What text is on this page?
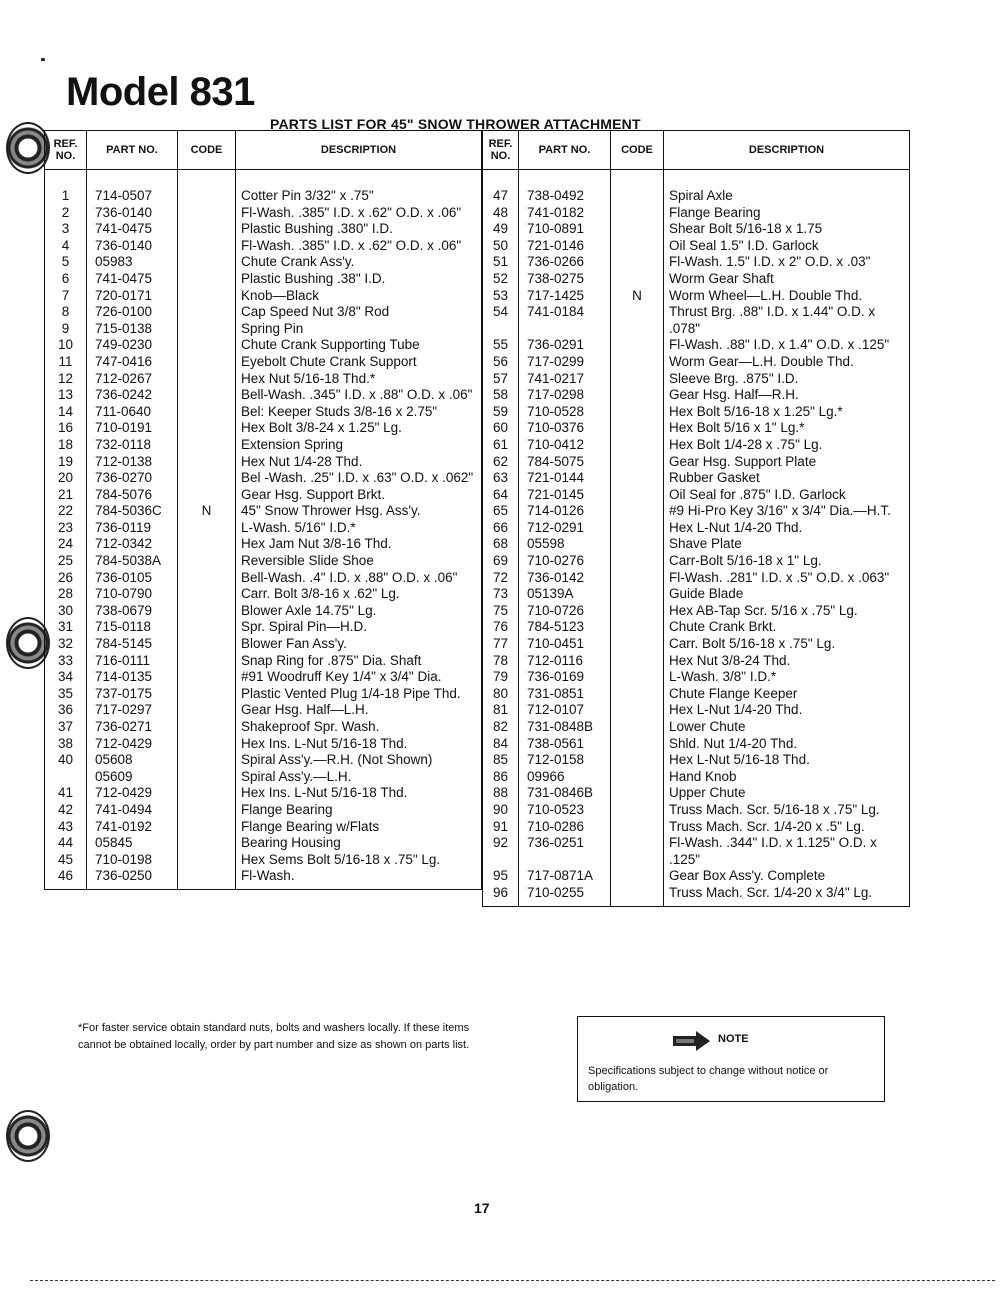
Model 831
PARTS LIST FOR 45" SNOW THROWER ATTACHMENT
REF. NO.	PART NO.	CODE	DESCRIPTION
1	714-0507		Cotter Pin 3/32" x .75"
2	736-0140		Fl-Wash. .385" I.D. x .62" O.D. x .06"
3	741-0475		Plastic Bushing .380" I.D.
4	736-0140		Fl-Wash. .385" I.D. x .62" O.D. x .06"
5	05983		Chute Crank Ass'y.
6	741-0475		Plastic Bushing .38" I.D.
7	720-0171		Knob—Black
8	726-0100		Cap Speed Nut 3/8" Rod
9	715-0138		Spring Pin
10	749-0230		Chute Crank Supporting Tube
11	747-0416		Eyebolt Chute Crank Support
12	712-0267		Hex Nut 5/16-18 Thd.*
13	736-0242		Bell-Wash. .345" I.D. x .88" O.D. x .06"
14	711-0640		Bel: Keeper Studs 3/8-16 x 2.75"
16	710-0191		Hex Bolt 3/8-24 x 1.25" Lg.
18	732-0118		Extension Spring
19	712-0138		Hex Nut 1/4-28 Thd.
20	736-0270		Bel -Wash. .25" I.D. x .63" O.D. x .062"
21	784-5076		Gear Hsg. Support Brkt.
22	784-5036C	N	45" Snow Thrower Hsg. Ass'y.
23	736-0119		L-Wash. 5/16" I.D.*
24	712-0342		Hex Jam Nut 3/8-16 Thd.
25	784-5038A		Reversible Slide Shoe
26	736-0105		Bell-Wash. .4" I.D. x .88" O.D. x .06"
28	710-0790		Carr. Bolt 3/8-16 x .62" Lg.
30	738-0679		Blower Axle 14.75" Lg.
31	715-0118		Spr. Spiral Pin—H.D.
32	784-5145		Blower Fan Ass'y.
33	716-0111		Snap Ring for .875" Dia. Shaft
34	714-0135		#91 Woodruff Key 1/4" x 3/4" Dia.
35	737-0175		Plastic Vented Plug 1/4-18 Pipe Thd.
36	717-0297		Gear Hsg. Half—L.H.
37	736-0271		Shakeproof Spr. Wash.
38	712-0429		Hex Ins. L-Nut 5/16-18 Thd.
40	05608		Spiral Ass'y.—R.H. (Not Shown)
	05609		Spiral Ass'y.—L.H.
41	712-0429		Hex Ins. L-Nut 5/16-18 Thd.
42	741-0494		Flange Bearing
43	741-0192		Flange Bearing w/Flats
44	05845		Bearing Housing
45	710-0198		Hex Sems Bolt 5/16-18 x .75" Lg.
46	736-0250		Fl-Wash.
REF. NO.	PART NO.	CODE	DESCRIPTION
47	738-0492		Spiral Axle
48	741-0182		Flange Bearing
49	710-0891		Shear Bolt 5/16-18 x 1.75
50	721-0146		Oil Seal 1.5" I.D. Garlock
51	736-0266		Fl-Wash. 1.5" I.D. x 2" O.D. x .03"
52	738-0275		Worm Gear Shaft
53	717-1425	N	Worm Wheel—L.H. Double Thd.
54	741-0184		Thrust Brg. .88" I.D. x 1.44" O.D. x .078"
55	736-0291		Fl-Wash. .88" I.D. x 1.4" O.D. x .125"
56	717-0299		Worm Gear—L.H. Double Thd.
57	741-0217		Sleeve Brg. .875" I.D.
58	717-0298		Gear Hsg. Half—R.H.
59	710-0528		Hex Bolt 5/16-18 x 1.25" Lg.*
60	710-0376		Hex Bolt 5/16 x 1" Lg.*
61	710-0412		Hex Bolt 1/4-28 x .75" Lg.
62	784-5075		Gear Hsg. Support Plate
63	721-0144		Rubber Gasket
64	721-0145		Oil Seal for .875" I.D. Garlock
65	714-0126		#9 Hi-Pro Key 3/16" x 3/4" Dia.—H.T.
66	712-0291		Hex L-Nut 1/4-20 Thd.
68	05598		Shave Plate
69	710-0276		Carr-Bolt 5/16-18 x 1" Lg.
72	736-0142		Fl-Wash. .281" I.D. x .5" O.D. x .063"
73	05139A		Guide Blade
75	710-0726		Hex AB-Tap Scr. 5/16 x .75" Lg.
76	784-5123		Chute Crank Brkt.
77	710-0451		Carr. Bolt 5/16-18 x .75" Lg.
78	712-0116		Hex Nut 3/8-24 Thd.
79	736-0169		L-Wash. 3/8" I.D.*
80	731-0851		Chute Flange Keeper
81	712-0107		Hex L-Nut 1/4-20 Thd.
82	731-0848B		Lower Chute
84	738-0561		Shld. Nut 1/4-20 Thd.
85	712-0158		Hex L-Nut 5/16-18 Thd.
86	09966		Hand Knob
88	731-0846B		Upper Chute
90	710-0523		Truss Mach. Scr. 5/16-18 x .75" Lg.
91	710-0286		Truss Mach. Scr. 1/4-20 x .5" Lg.
92	736-0251		Fl-Wash. .344" I.D. x 1.125" O.D. x .125"
95	717-0871A		Gear Box Ass'y. Complete
96	710-0255		Truss Mach. Scr. 1/4-20 x 3/4" Lg.
*For faster service obtain standard nuts, bolts and washers locally. If these items cannot be obtained locally, order by part number and size as shown on parts list.	NOTE
Specifications subject to change without notice or obligation.
17
